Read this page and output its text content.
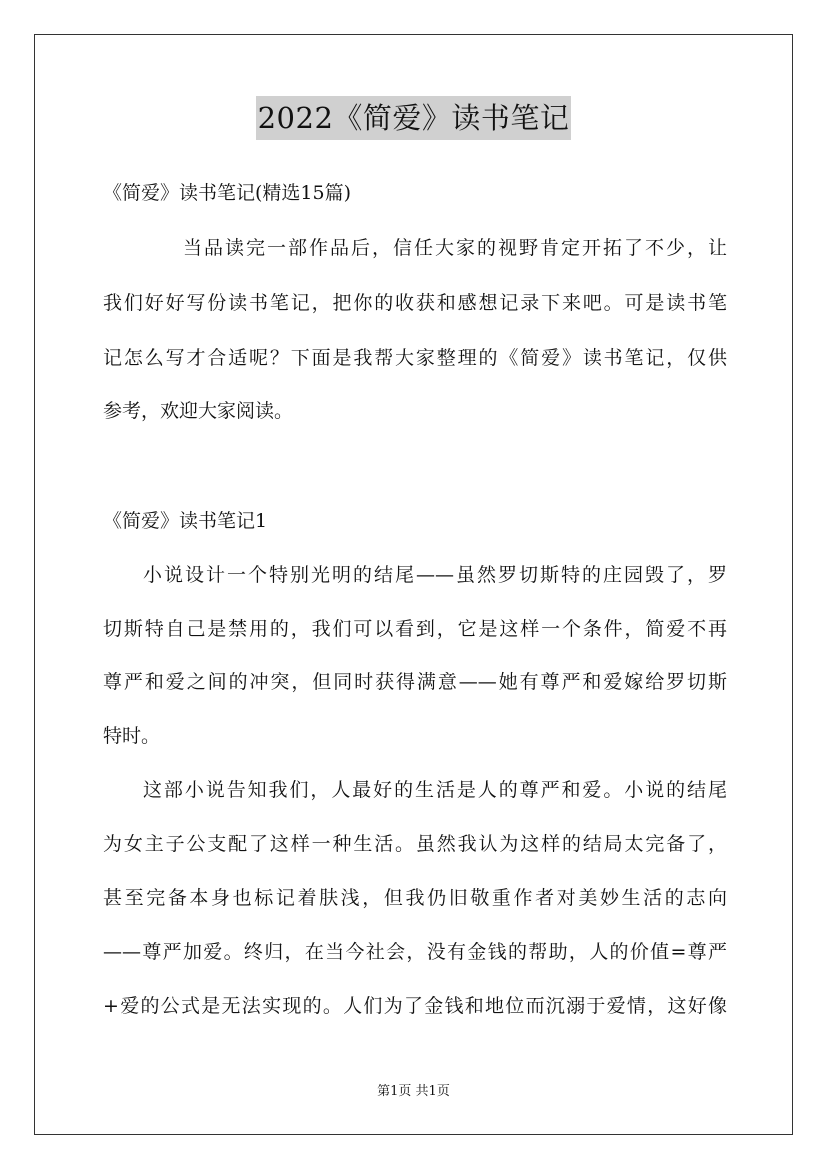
2022《简爱》读书笔记
《简爱》读书笔记(精选15篇)
当品读完一部作品后，信任大家的视野肯定开拓了不少，让
我们好好写份读书笔记，把你的收获和感想记录下来吧。可是读书笔
记怎么写才合适呢？下面是我帮大家整理的《简爱》读书笔记，仅供
参考，欢迎大家阅读。
《简爱》读书笔记1
小说设计一个特别光明的结尾——虽然罗切斯特的庄园毁了，罗
切斯特自己是禁用的，我们可以看到，它是这样一个条件，简爱不再
尊严和爱之间的冲突，但同时获得满意——她有尊严和爱嫁给罗切斯
特时。
这部小说告知我们，人最好的生活是人的尊严和爱。小说的结尾
为女主子公支配了这样一种生活。虽然我认为这样的结局太完备了，
甚至完备本身也标记着肤浅，但我仍旧敬重作者对美妙生活的志向
——尊严加爱。终归，在当今社会，没有金钱的帮助，人的价值=尊严
+爱的公式是无法实现的。人们为了金钱和地位而沉溺于爱情，这好像
第1页 共1页
